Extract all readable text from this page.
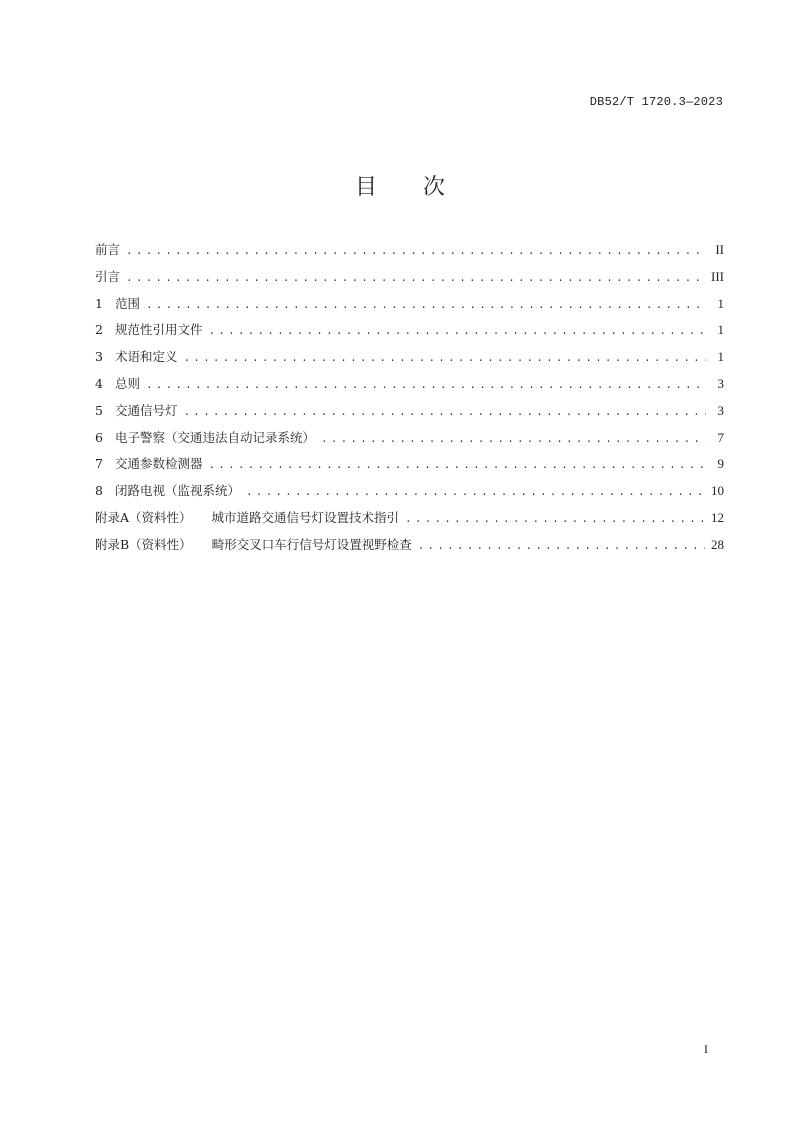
DB52/T 1720.3—2023
目 次
前言 .....	II
引言 .....	III
1 范围 .....	1
2 规范性引用文件 .....	1
3 术语和定义 .....	1
4 总则 .....	3
5 交通信号灯 .....	3
6 电子警察（交通违法自动记录系统） .....	7
7 交通参数检测器 .....	9
8 闭路电视（监视系统） .....	10
附录A（资料性） 城市道路交通信号灯设置技术指引 .....	12
附录B（资料性） 畸形交叉口车行信号灯设置视野检查 .....	28
I
